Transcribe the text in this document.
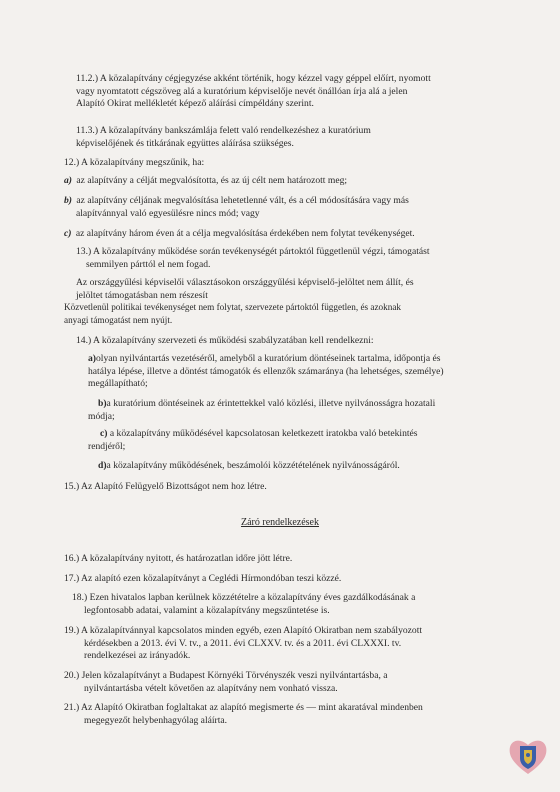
11.2.) A közalapítvány cégjegyzése akként történik, hogy kézzel vagy géppel előírt, nyomott
vagy nyomtatott cégszöveg alá a kuratórium képviselője nevét önállóan írja alá a jelen
Alapító Okirat mellékletét képező aláírási címpéldány szerint.
11.3.) A közalapítvány bankszámlája felett való rendelkezéshez a kuratórium
képviselőjének és titkárának együttes aláírása szükséges.
12.) A közalapítvány megszűnik, ha:
a) az alapítvány a célját megvalósította, és az új célt nem határozott meg;
b) az alapítvány céljának megvalósítása lehetetlenné vált, és a cél módosítására vagy más
alapítvánnyal való egyesülésre nincs mód; vagy
c) az alapítvány három éven át a célja megvalósítása érdekében nem folytat tevékenységet.
13.) A közalapítvány működése során tevékenységét pártoktól függetlenül végzi, támogatást
semmilyen párttól el nem fogad.
Az országgyűlési képviselői választásokon országgyűlési képviselő-jelöltet nem állít, és
jelöltet támogatásban nem részesít
Közvetlenül politikai tevékenységet nem folytat, szervezete pártoktól független, és azoknak
anyagi támogatást nem nyújt.
14.) A közalapítvány szervezeti és működési szabályzatában kell rendelkezni:
a)olyan nyilvántartás vezetéséről, amelyből a kuratórium döntéseinek tartalma, időpontja és
hatálya lépése, illetve a döntést támogatók és ellenzők számaránya (ha lehetséges, személye)
megállapítható;
b)a kuratórium döntéseinek az érintettekkel való közlési, illetve nyilvánosságra hozatali
módja;
c) a közalapítvány működésével kapcsolatosan keletkezett iratokba való betekintés
rendjéről;
d)a közalapítvány működésének, beszámolói közzétételének nyilvánosságáról.
15.) Az Alapító Felügyelő Bizottságot nem hoz létre.
Záró rendelkezések
16.) A közalapítvány nyitott, és határozatlan időre jött létre.
17.) Az alapító ezen közalapítványt a Ceglédi Hírmondóban teszi közzé.
18.) Ezen hivatalos lapban kerülnek közzétételre a közalapítvány éves gazdálkodásának a
legfontosabb adatai, valamint a közalapítvány megszűntetése is.
19.) A közalapítvánnyal kapcsolatos minden egyéb, ezen Alapító Okiratban nem szabályozott
kérdésekben a 2013. évi V. tv., a 2011. évi CLXXV. tv. és a 2011. évi CLXXXI. tv.
rendelkezései az irányadók.
20.) Jelen közalapítványt a Budapest Környéki Törvényszék veszi nyilvántartásba, a
nyilvántartásba vételt követően az alapítvány nem vonható vissza.
21.) Az Alapító Okiratban foglaltakat az alapító megismerte és — mint akaratával mindenben
megegyezőt helybenhagyólag aláírta.
